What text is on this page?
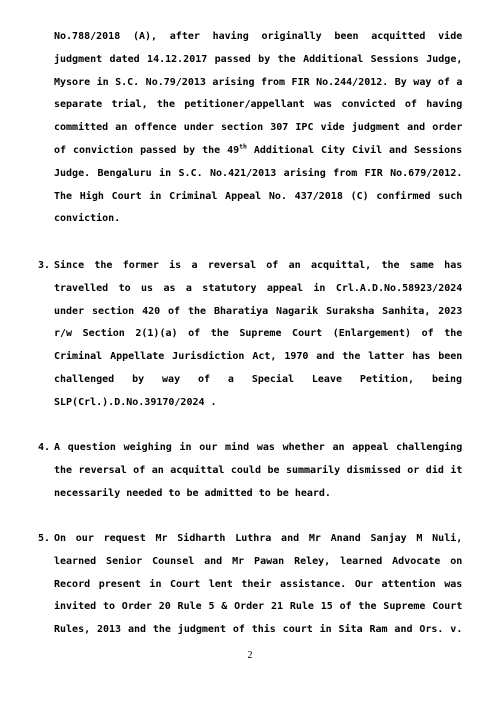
No.788/2018 (A), after having originally been acquitted vide
judgment dated 14.12.2017 passed by the Additional Sessions Judge,
Mysore in S.C. No.79/2013 arising from FIR No.244/2012. By way of a
separate trial, the petitioner/appellant was convicted of having
committed an offence under section 307 IPC vide judgment and order
of conviction passed by the 49th Additional City Civil and Sessions
Judge. Bengaluru in S.C. No.421/2013 arising from FIR No.679/2012.
The High Court in Criminal Appeal No. 437/2018 (C) confirmed such
conviction.
3. Since the former is a reversal of an acquittal, the same has
travelled to us as a statutory appeal in Crl.A.D.No.58923/2024
under section 420 of the Bharatiya Nagarik Suraksha Sanhita, 2023
r/w Section 2(1)(a) of the Supreme Court (Enlargement) of the
Criminal Appellate Jurisdiction Act, 1970 and the latter has been
challenged by way of a Special Leave Petition, being
SLP(Crl.).D.No.39170/2024 .
4. A question weighing in our mind was whether an appeal challenging
the reversal of an acquittal could be summarily dismissed or did it
necessarily needed to be admitted to be heard.
5. On our request Mr Sidharth Luthra and Mr Anand Sanjay M Nuli,
learned Senior Counsel and Mr Pawan Reley, learned Advocate on
Record present in Court lent their assistance. Our attention was
invited to Order 20 Rule 5 & Order 21 Rule 15 of the Supreme Court
Rules, 2013 and the judgment of this court in Sita Ram and Ors. v.
2
